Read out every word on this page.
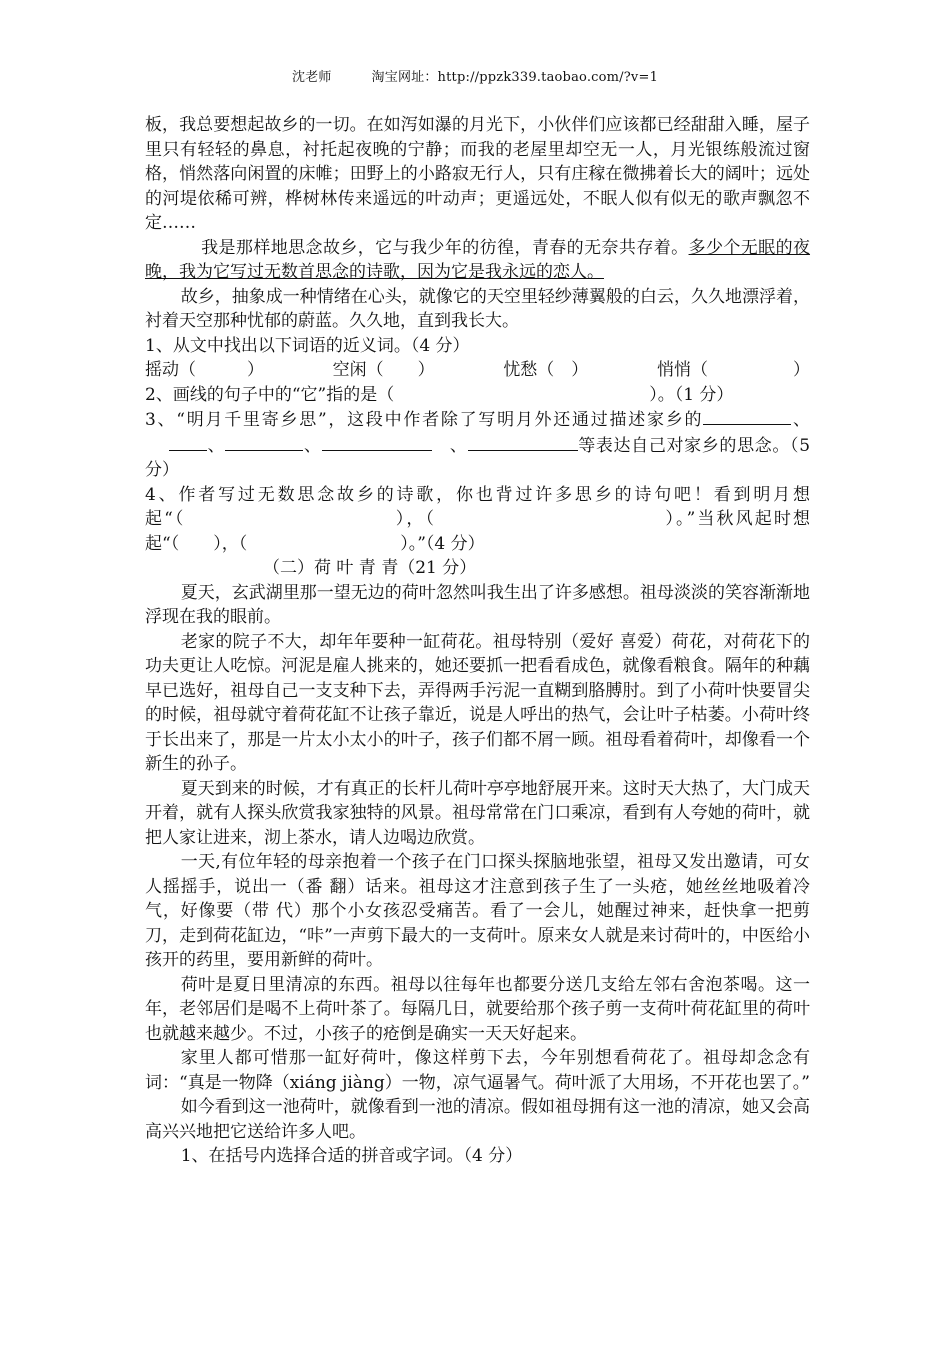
沈老师	淘宝网址：http://ppzk339.taobao.com/?v=1

板，我总要想起故乡的一切。在如泻如瀑的月光下，小伙伴们应该都已经甜甜入睡，屋子里只有轻轻的鼻息，衬托起夜晚的宁静；而我的老屋里却空无一人，月光银练般流过窗格，悄然落向闲置的床帷；田野上的小路寂无行人，只有庄稼在微拂着长大的阔叶；远处的河堤依稀可辨，桦树林传来遥远的叶动声；更遥远处，不眠人似有似无的歌声飘忽不定……

我是那样地思念故乡，它与我少年的彷徨，青春的无奈共存着。多少个无眠的夜晚，我为它写过无数首思念的诗歌，因为它是我永远的恋人。

故乡，抽象成一种情绪在心头，就像它的天空里轻纱薄翼般的白云，久久地漂浮着，衬着天空那种忧郁的蔚蓝。久久地，直到我长大。

1、从文中找出以下词语的近义词。（4 分）
摇动（　　　）	空闲（　　）	忧愁（　）	悄悄（　　　　　）
2、画线的句子中的“它”指的是（　　　　　　　　　　　　　　　）。（1 分）

3、“明月千里寄乡思”，这段中作者除了写明月外还通过描述家乡的	、 、	、	　、	等表达自己对家乡的思念。（5 分）

4、作者写过无数思念故乡的诗歌，你也背过许多思乡的诗句吧！看到明月想起“（　　　　　　　　　　　），（　　　　　　　　　　　　）。”当秋风起时想起“（　　），（　　　　　　　　　）。”（4 分）

（二）荷 叶 青 青（21 分）

夏天，玄武湖里那一望无边的荷叶忽然叫我生出了许多感想。祖母淡淡的笑容渐渐地浮现在我的眼前。

老家的院子不大，却年年要种一缸荷花。祖母特别（爱好 喜爱）荷花，对荷花下的功夫更让人吃惊。河泥是雇人挑来的，她还要抓一把看看成色，就像看粮食。隔年的种藕早已选好，祖母自己一支支种下去，弄得两手污泥一直糊到胳膊肘。到了小荷叶快要冒尖的时候，祖母就守着荷花缸不让孩子靠近，说是人呼出的热气，会让叶子枯萎。小荷叶终于长出来了，那是一片太小太小的叶子，孩子们都不屑一顾。祖母看着荷叶，却像看一个新生的孙子。

夏天到来的时候，才有真正的长杆儿荷叶亭亭地舒展开来。这时天大热了，大门成天开着，就有人探头欣赏我家独特的风景。祖母常常在门口乘凉，看到有人夸她的荷叶，就把人家让进来，沏上茶水，请人边喝边欣赏。

一天,有位年轻的母亲抱着一个孩子在门口探头探脑地张望，祖母又发出邀请，可女人摇摇手，说出一（番 翻）话来。祖母这才注意到孩子生了一头疮，她丝丝地吸着冷气，好像要（带 代）那个小女孩忍受痛苦。看了一会儿，她醒过神来，赶快拿一把剪刀，走到荷花缸边，“咔”一声剪下最大的一支荷叶。原来女人就是来讨荷叶的，中医给小孩开的药里，要用新鲜的荷叶。

荷叶是夏日里清凉的东西。祖母以往每年也都要分送几支给左邻右舍泡茶喝。这一年，老邻居们是喝不上荷叶茶了。每隔几日，就要给那个孩子剪一支荷叶荷花缸里的荷叶也就越来越少。不过，小孩子的疮倒是确实一天天好起来。

家里人都可惜那一缸好荷叶，像这样剪下去，今年别想看荷花了。祖母却念念有词：“真是一物降（xiáng jiàng）一物，凉气逼暑气。荷叶派了大用场，不开花也罢了。”

如今看到这一池荷叶，就像看到一池的清凉。假如祖母拥有这一池的清凉，她又会高高兴兴地把它送给许多人吧。

1、在括号内选择合适的拼音或字词。（4 分）
